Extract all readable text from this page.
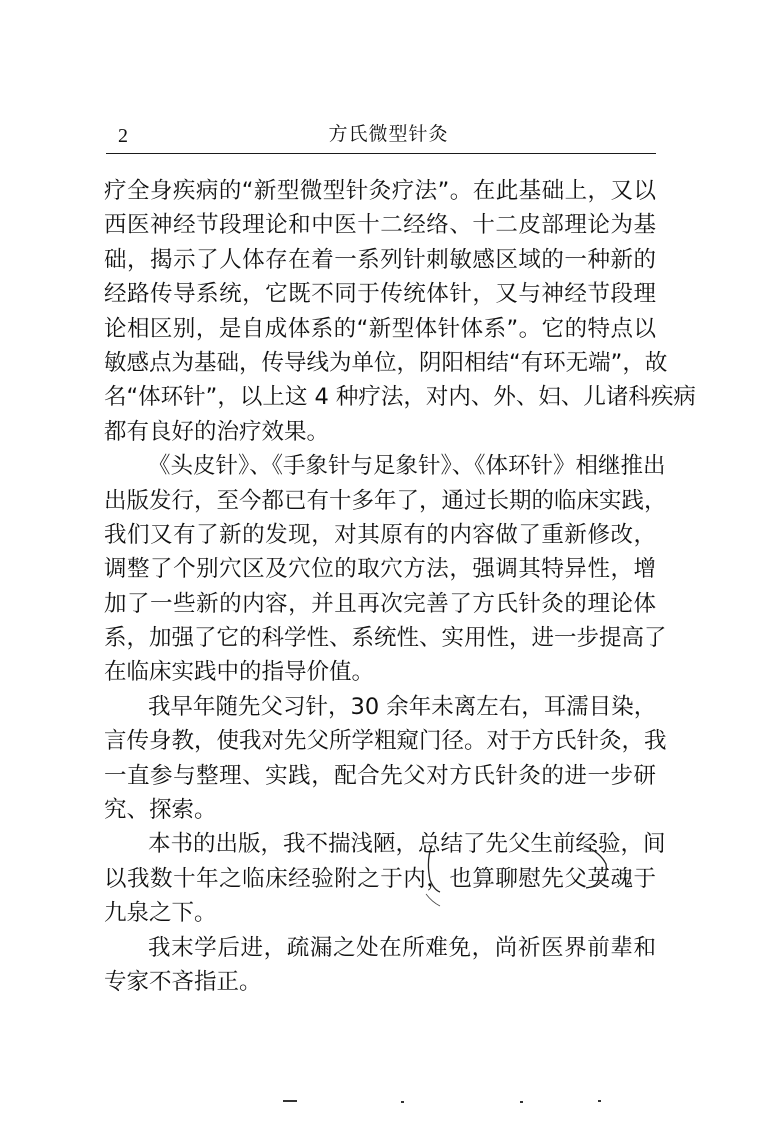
2	方氏微型针灸
疗全身疾病的“新型微型针灸疗法”。在此基础上，又以
西医神经节段理论和中医十二经络、十二皮部理论为基
础，揭示了人体存在着一系列针刺敏感区域的一种新的
经路传导系统，它既不同于传统体针，又与神经节段理
论相区别，是自成体系的“新型体针体系”。它的特点以
敏感点为基础，传导线为单位，阴阳相结“有环无端”，故
名“体环针”，以上这 4 种疗法，对内、外、妇、儿诸科疾病
都有良好的治疗效果。
《头皮针》、《手象针与足象针》、《体环针》相继推出
出版发行，至今都已有十多年了，通过长期的临床实践，
我们又有了新的发现，对其原有的内容做了重新修改，
调整了个别穴区及穴位的取穴方法，强调其特异性，增
加了一些新的内容，并且再次完善了方氏针灸的理论体
系，加强了它的科学性、系统性、实用性，进一步提高了
在临床实践中的指导价值。
我早年随先父习针，30 余年未离左右，耳濡目染，
言传身教，使我对先父所学粗窥门径。对于方氏针灸，我
一直参与整理、实践，配合先父对方氏针灸的进一步研
究、探索。
本书的出版，我不揣浅陋，总结了先父生前经验，间
以我数十年之临床经验附之于内，也算聊慰先父英魂于
九泉之下。
我末学后进，疏漏之处在所难免，尚祈医界前辈和
专家不吝指正。
